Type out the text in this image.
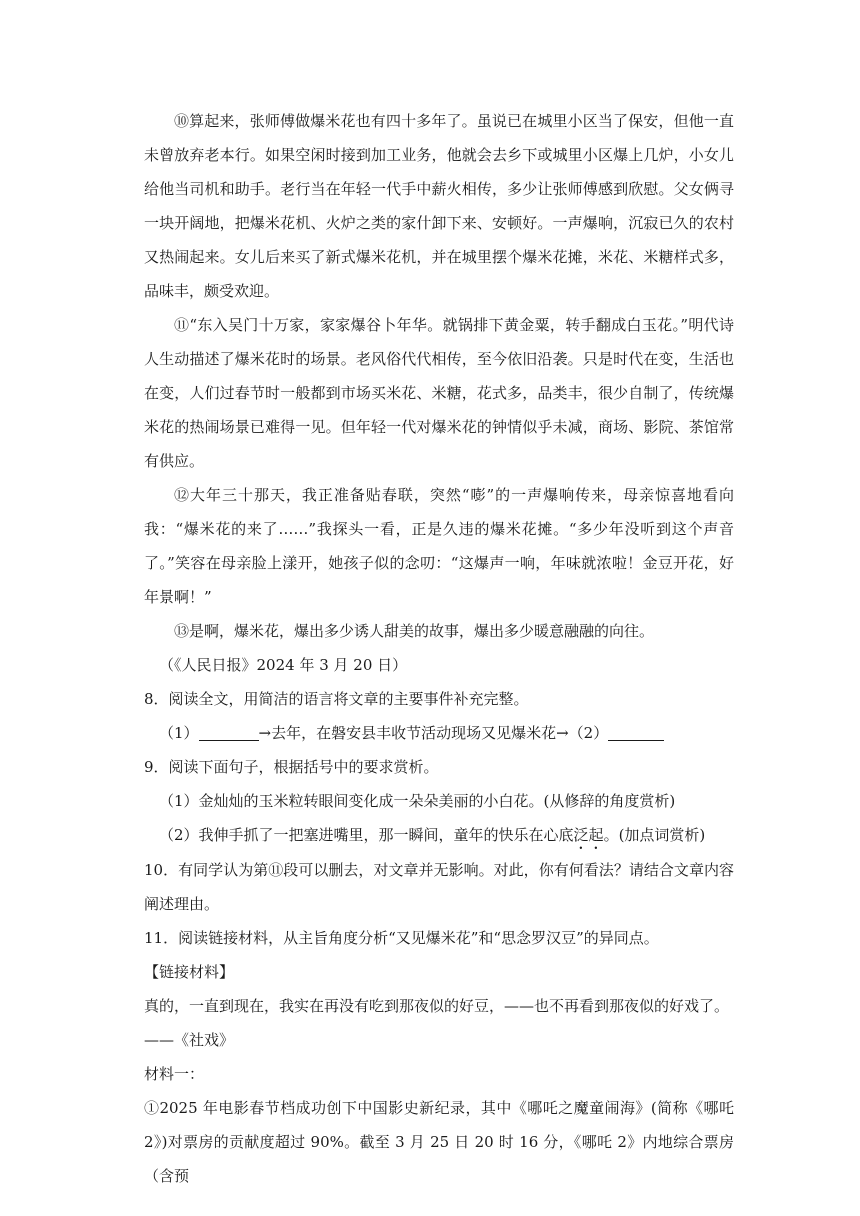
⑩算起来，张师傅做爆米花也有四十多年了。虽说已在城里小区当了保安，但他一直未曾放弃老本行。如果空闲时接到加工业务，他就会去乡下或城里小区爆上几炉，小女儿给他当司机和助手。老行当在年轻一代手中薪火相传，多少让张师傅感到欣慰。父女俩寻一块开阔地，把爆米花机、火炉之类的家什卸下来、安顿好。一声爆响，沉寂已久的农村又热闹起来。女儿后来买了新式爆米花机，并在城里摆个爆米花摊，米花、米糖样式多，品味丰，颇受欢迎。

⑪“东入吴门十万家，家家爆谷卜年华。就锅排下黄金粟，转手翻成白玉花。”明代诗人生动描述了爆米花时的场景。老风俗代代相传，至今依旧沿袭。只是时代在变，生活也在变，人们过春节时一般都到市场买米花、米糖，花式多，品类丰，很少自制了，传统爆米花的热闹场景已难得一见。但年轻一代对爆米花的钟情似乎未减，商场、影院、茶馆常有供应。

⑫大年三十那天，我正准备贴春联，突然“嘭”的一声爆响传来，母亲惊喜地看向我：“爆米花的来了……”我探头一看，正是久违的爆米花摊。“多少年没听到这个声音了。”笑容在母亲脸上漾开，她孩子似的念叨：“这爆声一响，年味就浓啦！金豆开花，好年景啊！”

⑬是啊，爆米花，爆出多少诱人甜美的故事，爆出多少暖意融融的向往。

（《人民日报》2024 年 3 月 20 日）

8．阅读全文，用简洁的语言将文章的主要事件补充完整。

（1）	→去年，在磐安县丰收节活动现场又见爆米花→（2）

9．阅读下面句子，根据括号中的要求赏析。

（1）金灿灿的玉米粒转眼间变化成一朵朵美丽的小白花。(从修辞的角度赏析)

（2）我伸手抓了一把塞进嘴里，那一瞬间，童年的快乐在心底泛起。(加点词赏析)

10．有同学认为第⑪段可以删去，对文章并无影响。对此，你有何看法？请结合文章内容阐述理由。

11．阅读链接材料，从主旨角度分析“又见爆米花”和“思念罗汉豆”的异同点。

【链接材料】

真的，一直到现在，我实在再没有吃到那夜似的好豆，——也不再看到那夜似的好戏了。

——《社戏》

材料一：

①2025 年电影春节档成功创下中国影史新纪录，其中《哪吒之魔童闹海》(简称《哪吒2》)对票房的贡献度超过 90%。截至 3 月 25 日 20 时 16 分，《哪吒 2》内地综合票房（含预
